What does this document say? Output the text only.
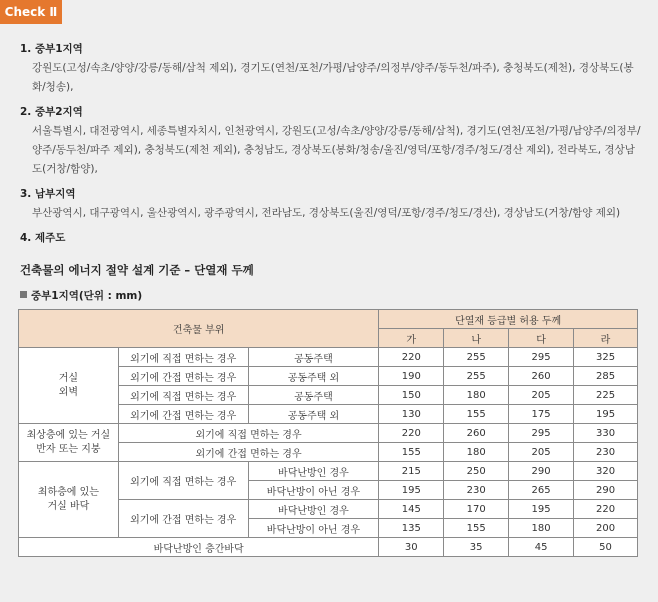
Check Ⅱ
1. 중부1지역
강원도(고성/속초/양양/강릉/동해/삼척 제외), 경기도(연천/포천/가평/남양주/의정부/양주/동두천/파주), 충청북도(제천), 경상북도(봉화/청송),
2. 중부2지역
서울특별시, 대전광역시, 세종특별자치시, 인천광역시, 강원도(고성/속초/양양/강릉/동해/삼척), 경기도(연천/포천/가평/남양주/의정부/양주/동두천/파주 제외), 충청북도(제천 제외), 충청남도, 경상북도(봉화/청송/울진/영덕/포항/경주/청도/경산 제외), 전라북도, 경상남도(거창/함양),
3. 남부지역
부산광역시, 대구광역시, 울산광역시, 광주광역시, 전라남도, 경상북도(울진/영덕/포항/경주/청도/경산), 경상남도(거창/함양 제외)
4. 제주도
건축물의 에너지 절약 설계 기준 – 단열재 두께
중부1지역(단위 : mm)
건축물 부위			단열재 등급별 허용 두께			
			가	나	다	라
거실
외벽	외기에 직접 면하는 경우	공동주택	220	255	295	325
	외기에 간접 면하는 경우	공동주택 외	190	255	260	285
	외기에 직접 면하는 경우	공동주택	150	180	205	225
	외기에 간접 면하는 경우	공동주택 외	130	155	175	195
최상층에 있는 거실
반자 또는 지붕	외기에 직접 면하는 경우		220	260	295	330
	외기에 간접 면하는 경우		155	180	205	230
최하층에 있는
거실 바닥	외기에 직접 면하는 경우	바닥난방인 경우	215	250	290	320
		바닥난방이 아닌 경우	195	230	265	290
	외기에 간접 면하는 경우	바닥난방인 경우	145	170	195	220
		바닥난방이 아닌 경우	135	155	180	200
바닥난방인 층간바닥			30	35	45	50
